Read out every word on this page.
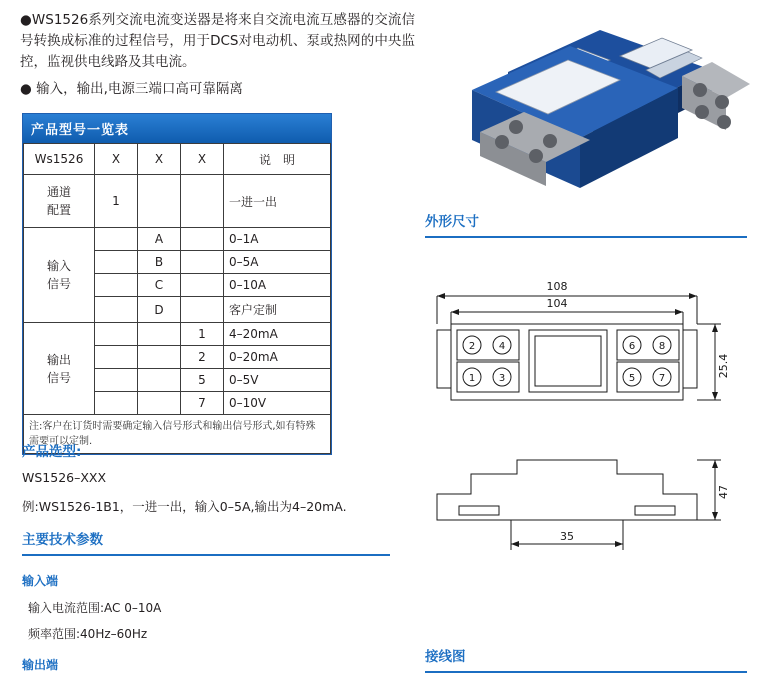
●WS1526系列交流电流变送器是将来自交流电流互感器的交流信号转换成标准的过程信号，用于DCS对电动机、泵或热网的中央监控，监视供电线路及其电流。

● 输入，输出,电源三端口高可靠隔离

产品型号一览表
Ws1526	X	X	X	说　明
通道
配置	1			一进一出
输入
信号		A		0–1A
		B		0–5A
		C		0–10A
		D		客户定制
输出
信号			1	4–20mA
			2	0–20mA
			5	0–5V
			7	0–10V
注:客户在订货时需要确定输入信号形式和输出信号形式,如有特殊需要可以定制.				

产品选型:

WS1526–XXX

例:WS1526-1B1，一进一出，输入0–5A,输出为4–20mA.

主要技术参数

输入端

输入电流范围:AC 0–10A

频率范围:40Hz–60Hz

输出端

外形尺寸

108
104
2 4
1 3
6 8
5 7
25.4
47
35

接线图
